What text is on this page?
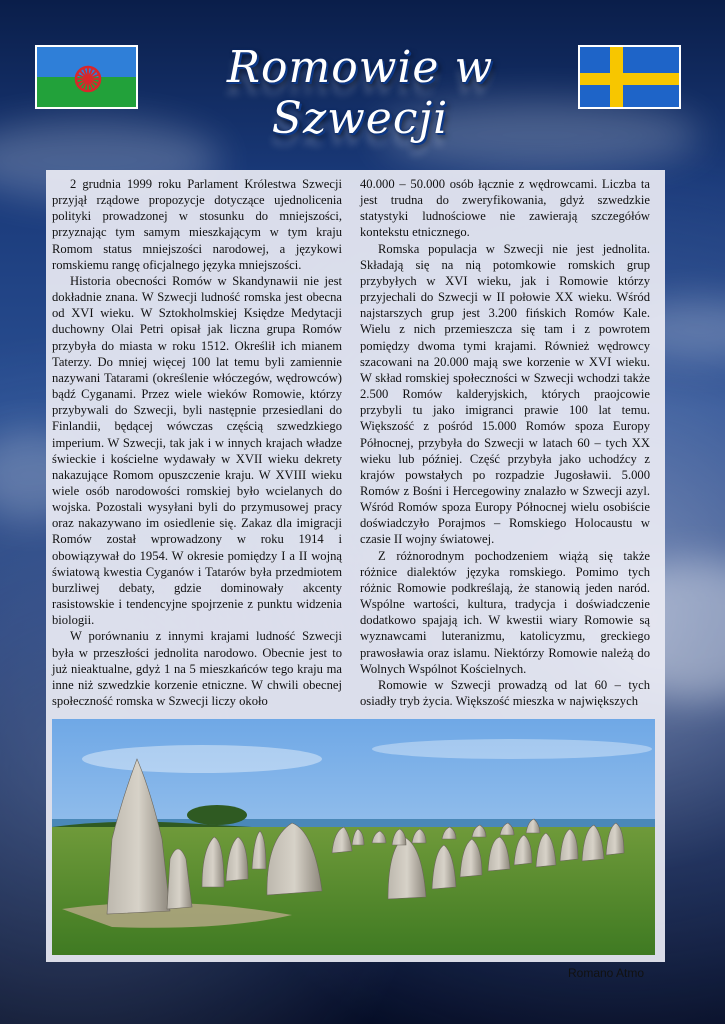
Romowie w Szwecji

2 grudnia 1999 roku Parlament Królestwa Szwecji przyjął rządowe propozycje dotyczące ujednolicenia polityki prowadzonej w stosunku do mniejszości, przyznając tym samym mieszkającym w tym kraju Romom status mniejszości narodowej, a językowi romskiemu rangę oficjalnego języka mniejszości.

Historia obecności Romów w Skandynawii nie jest dokładnie znana. W Szwecji ludność romska jest obecna od XVI wieku. W Sztokholmskiej Księdze Medytacji duchowny Olai Petri opisał jak liczna grupa Romów przybyła do miasta w roku 1512. Określił ich mianem Taterzy. Do mniej więcej 100 lat temu byli zamiennie nazywani Tatarami (określenie włóczegów, wędrowców) bądź Cyganami. Przez wiele wieków Romowie, którzy przybywali do Szwecji, byli następnie przesiedlani do Finlandii, będącej wówczas częścią szwedzkiego imperium. W Szwecji, tak jak i w innych krajach władze świeckie i kościelne wydawały w XVII wieku dekrety nakazujące Romom opuszczenie kraju. W XVIII wieku wiele osób narodowości romskiej było wcielanych do wojska. Pozostali wysyłani byli do przymusowej pracy oraz nakazywano im osiedlenie się. Zakaz dla imigracji Romów został wprowadzony w roku 1914 i obowiązywał do 1954. W okresie pomiędzy I a II wojną światową kwestia Cyganów i Tatarów była przedmiotem burzliwej debaty, gdzie dominowały akcenty rasistowskie i tendencyjne spojrzenie z punktu widzenia biologii.

W porównaniu z innymi krajami ludność Szwecji była w przeszłości jednolita narodowo. Obecnie jest to już nieaktualne, gdyż 1 na 5 mieszkańców tego kraju ma inne niż szwedzkie korzenie etniczne. W chwili obecnej społeczność romska w Szwecji liczy około

40.000 – 50.000 osób łącznie z wędrowcami. Liczba ta jest trudna do zweryfikowania, gdyż szwedzkie statystyki ludnościowe nie zawierają szczegółów kontekstu etnicznego.

Romska populacja w Szwecji nie jest jednolita. Składają się na nią potomkowie romskich grup przybyłych w XVI wieku, jak i Romowie którzy przyjechali do Szwecji w II połowie XX wieku. Wśród najstarszych grup jest 3.200 fińskich Romów Kale. Wielu z nich przemieszcza się tam i z powrotem pomiędzy dwoma tymi krajami. Również wędrowcy szacowani na 20.000 mają swe korzenie w XVI wieku. W skład romskiej społeczności w Szwecji wchodzi także 2.500 Romów kalderyjskich, których praojcowie przybyli tu jako imigranci prawie 100 lat temu. Większość z pośród 15.000 Romów spoza Europy Północnej, przybyła do Szwecji w latach 60 – tych XX wieku lub później. Część przybyła jako uchodźcy z krajów powstałych po rozpadzie Jugosławii. 5.000 Romów z Bośni i Hercegowiny znalazło w Szwecji azyl. Wśród Romów spoza Europy Północnej wielu osobiście doświadczyło Porajmos – Romskiego Holocaustu w czasie II wojny światowej.

Z różnorodnym pochodzeniem wiążą się także różnice dialektów języka romskiego. Pomimo tych różnic Romowie podkreślają, że stanowią jeden naród. Wspólne wartości, kultura, tradycja i doświadczenie dodatkowo spajają ich. W kwestii wiary Romowie są wyznawcami luteranizmu, katolicyzmu, greckiego prawosławia oraz islamu. Niektórzy Romowie należą do Wolnych Wspólnot Kościelnych.

Romowie w Szwecji prowadzą od lat 60 – tych osiadły tryb życia. Większość mieszka w największych

Romano Atmo
